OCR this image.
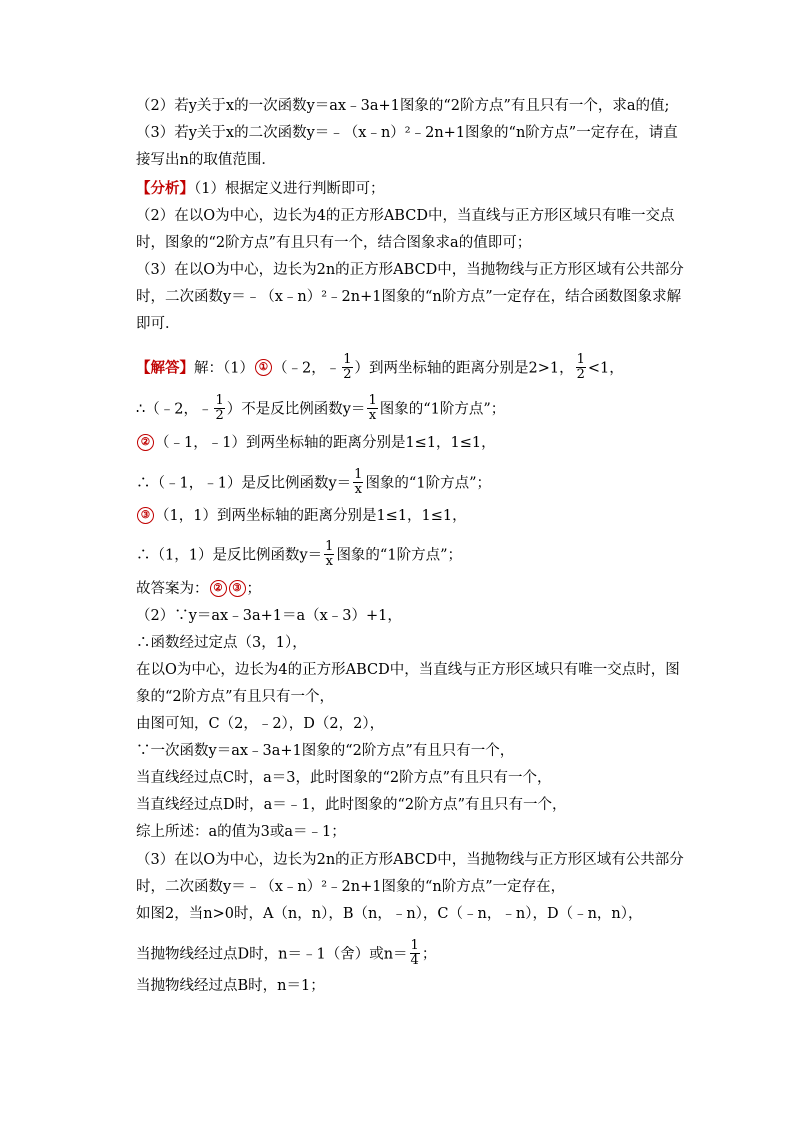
（2）若y关于x的一次函数y＝ax﹣3a+1图象的“2阶方点”有且只有一个，求a的值;
（3）若y关于x的二次函数y＝﹣（x﹣n）²﹣2n+1图象的“n阶方点”一定存在，请直
接写出n的取值范围．
【分析】（1）根据定义进行判断即可；
（2）在以O为中心，边长为4的正方形ABCD中，当直线与正方形区域只有唯一交点
时，图象的“2阶方点”有且只有一个，结合图象求a的值即可；
（3）在以O为中心，边长为2n的正方形ABCD中，当抛物线与正方形区域有公共部分
时，二次函数y＝﹣（x﹣n）²﹣2n+1图象的“n阶方点”一定存在，结合函数图象求解
即可．
【解答】解：（1） ① （﹣2，﹣ $\frac{1}{2}$ ）到两坐标轴的距离分别是2>1， $\frac{1}{2} <1$，
∴（﹣2，﹣ $\frac{1}{2}$ ）不是反比例函数$y= \frac{1}{x}$ 图象的“1阶方点”；
② （﹣1，﹣1）到两坐标轴的距离分别是1≤1，1≤1，
∴（﹣1，﹣1）是反比例函数$y= \frac{1}{x}$ 图象的“1阶方点”；
③ （1，1）到两坐标轴的距离分别是1≤1，1≤1，
∴（1，1）是反比例函数$y= \frac{1}{x}$ 图象的“1阶方点”；
故答案为： ② ③ ；
（2）∵y＝ax﹣3a+1＝a（x﹣3）+1，
∴函数经过定点（3，1），
在以O为中心，边长为4的正方形ABCD中，当直线与正方形区域只有唯一交点时，图
象的“2阶方点”有且只有一个，
由图可知，C（2，﹣2），D（2，2），
∵一次函数y＝ax﹣3a+1图象的“2阶方点”有且只有一个，
当直线经过点C时，a＝3，此时图象的“2阶方点”有且只有一个，
当直线经过点D时，a＝﹣1，此时图象的“2阶方点”有且只有一个，
综上所述：a的值为3或a＝﹣1；
（3）在以O为中心，边长为2n的正方形ABCD中，当抛物线与正方形区域有公共部分
时，二次函数y＝﹣（x﹣n）²﹣2n+1图象的“n阶方点”一定存在，
如图2，当n>0时，A（n，n），B（n，﹣n），C（﹣n，﹣n），D（﹣n，n），
当抛物线经过点D时，n＝﹣1（舍）或$n= \frac{1}{4}$ ；
当抛物线经过点B时，n＝1；
